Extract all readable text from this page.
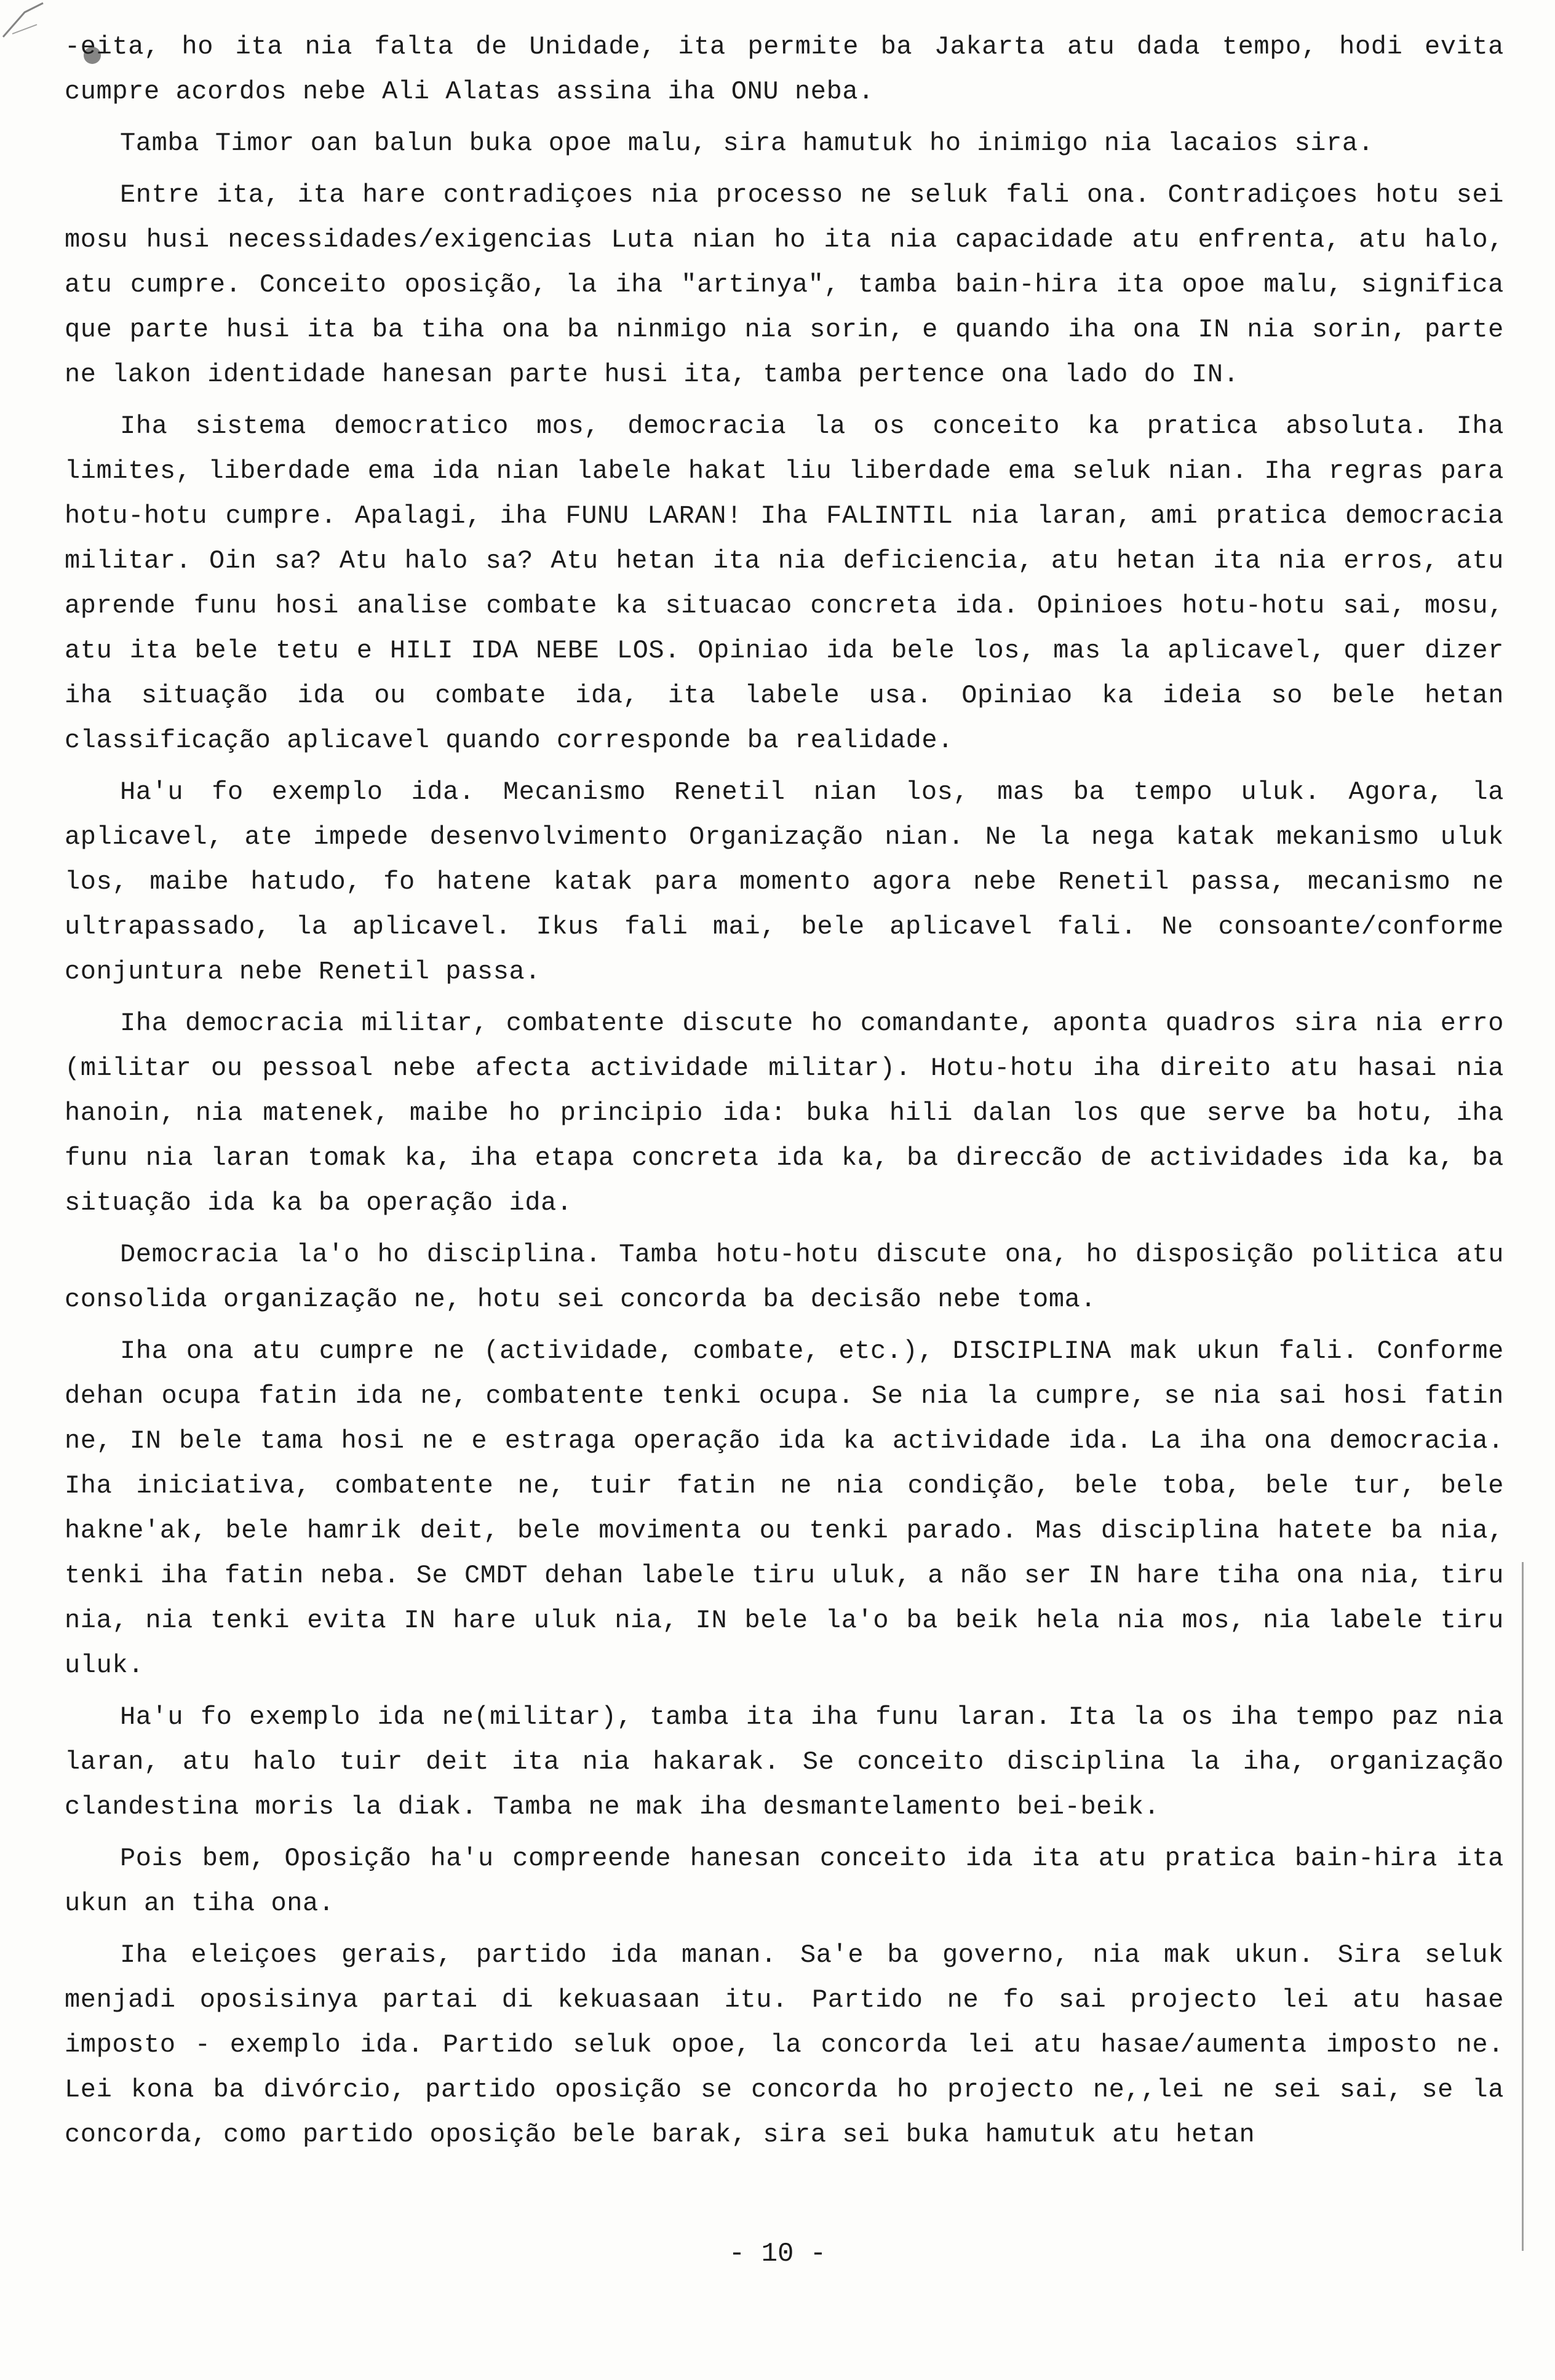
-eita, ho ita nia falta de Unidade, ita permite ba Jakarta atu dada tempo, hodi evita cumpre acordos nebe Ali Alatas assina iha ONU neba.

Tamba Timor oan balun buka opoe malu, sira hamutuk ho inimigo nia lacaios sira.

Entre ita, ita hare contradiçoes nia processo ne seluk fali ona. Contradiçoes hotu sei mosu husi necessidades/exigencias Luta nian ho ita nia capacidade atu enfrenta, atu halo, atu cumpre. Conceito oposição, la iha "artinya", tamba bain-hira ita opoe malu, significa que parte husi ita ba tiha ona ba ninmigo nia sorin, e quando iha ona IN nia sorin, parte ne lakon identidade hanesan parte husi ita, tamba pertence ona lado do IN.

Iha sistema democratico mos, democracia la os conceito ka pratica absoluta. Iha limites, liberdade ema ida nian labele hakat liu liberdade ema seluk nian. Iha regras para hotu-hotu cumpre. Apalagi, iha FUNU LARAN! Iha FALINTIL nia laran, ami pratica democracia militar. Oin sa? Atu halo sa? Atu hetan ita nia deficiencia, atu hetan ita nia erros, atu aprende funu hosi analise combate ka situacao concreta ida. Opinioes hotu-hotu sai, mosu, atu ita bele tetu e HILI IDA NEBE LOS. Opiniao ida bele los, mas la aplicavel, quer dizer iha situação ida ou combate ida, ita labele usa. Opiniao ka ideia so bele hetan classificação aplicavel quando corresponde ba realidade.

Ha'u fo exemplo ida. Mecanismo Renetil nian los, mas ba tempo uluk. Agora, la aplicavel, ate impede desenvolvimento Organização nian. Ne la nega katak mekanismo uluk los, maibe hatudo, fo hatene katak para momento agora nebe Renetil passa, mecanismo ne ultrapassado, la aplicavel. Ikus fali mai, bele aplicavel fali. Ne consoante/conforme conjuntura nebe Renetil passa.

Iha democracia militar, combatente discute ho comandante, aponta quadros sira nia erro (militar ou pessoal nebe afecta actividade militar). Hotu-hotu iha direito atu hasai nia hanoin, nia matenek, maibe ho principio ida: buka hili dalan los que serve ba hotu, iha funu nia laran tomak ka, iha etapa concreta ida ka, ba direccão de actividades ida ka, ba situação ida ka ba operação ida.

Democracia la'o ho disciplina. Tamba hotu-hotu discute ona, ho disposição politica atu consolida organização ne, hotu sei concorda ba decisão nebe toma.

Iha ona atu cumpre ne (actividade, combate, etc.), DISCIPLINA mak ukun fali. Conforme dehan ocupa fatin ida ne, combatente tenki ocupa. Se nia la cumpre, se nia sai hosi fatin ne, IN bele tama hosi ne e estraga operação ida ka actividade ida. La iha ona democracia. Iha iniciativa, combatente ne, tuir fatin ne nia condição, bele toba, bele tur, bele hakne'ak, bele hamrik deit, bele movimenta ou tenki parado. Mas disciplina hatete ba nia, tenki iha fatin neba. Se CMDT dehan labele tiru uluk, a não ser IN hare tiha ona nia, tiru nia, nia tenki evita IN hare uluk nia, IN bele la'o ba beik hela nia mos, nia labele tiru uluk.

Ha'u fo exemplo ida ne(militar), tamba ita iha funu laran. Ita la os iha tempo paz nia laran, atu halo tuir deit ita nia hakarak. Se conceito disciplina la iha, organização clandestina moris la diak. Tamba ne mak iha desmantelamento bei-beik.

Pois bem, Oposição ha'u compreende hanesan conceito ida ita atu pratica bain-hira ita ukun an tiha ona.

Iha eleiçoes gerais, partido ida manan. Sa'e ba governo, nia mak ukun. Sira seluk menjadi oposisinya partai di kekuasaan itu. Partido ne fo sai projecto lei atu hasae imposto - exemplo ida. Partido seluk opoe, la concorda lei atu hasae/aumenta imposto ne. Lei kona ba divórcio, partido oposição se concorda ho projecto ne,,lei ne sei sai, se la concorda, como partido oposição bele barak, sira sei buka hamutuk atu hetan

- 10 -
